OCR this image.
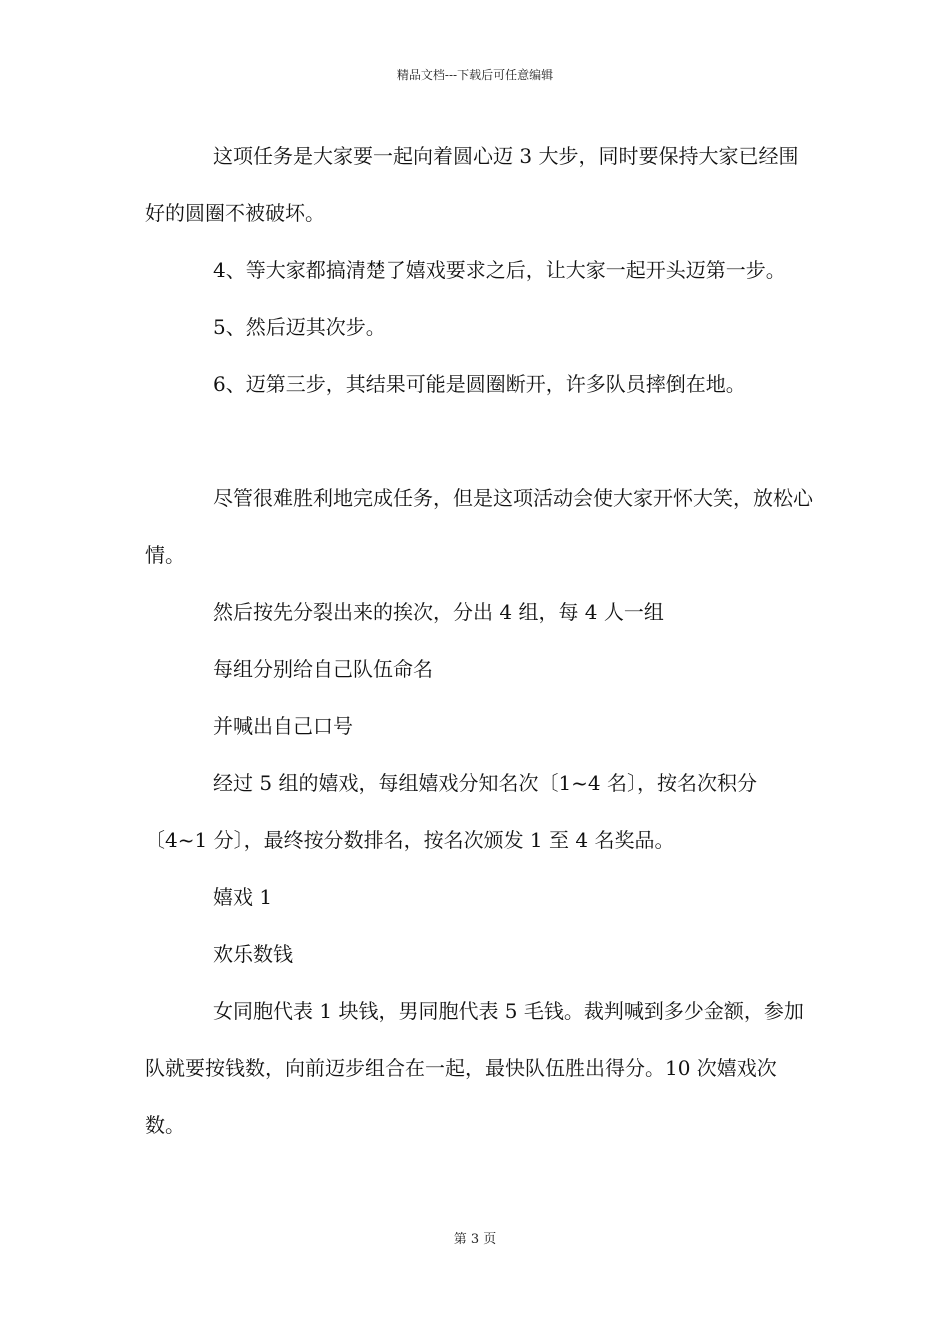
精品文档---下载后可任意编辑

这项任务是大家要一起向着圆心迈 3 大步，同时要保持大家已经围好的圆圈不被破坏。

4、等大家都搞清楚了嬉戏要求之后，让大家一起开头迈第一步。

5、然后迈其次步。

6、迈第三步，其结果可能是圆圈断开，许多队员摔倒在地。

尽管很难胜利地完成任务，但是这项活动会使大家开怀大笑，放松心情。

然后按先分裂出来的挨次，分出 4 组，每 4 人一组

每组分别给自己队伍命名

并喊出自己口号

经过 5 组的嬉戏，每组嬉戏分知名次〔1~4 名〕，按名次积分〔4~1 分〕，最终按分数排名，按名次颁发 1 至 4 名奖品。

嬉戏 1

欢乐数钱

女同胞代表 1 块钱，男同胞代表 5 毛钱。裁判喊到多少金额，参加队就要按钱数，向前迈步组合在一起，最快队伍胜出得分。10 次嬉戏次数。

第 3 页
